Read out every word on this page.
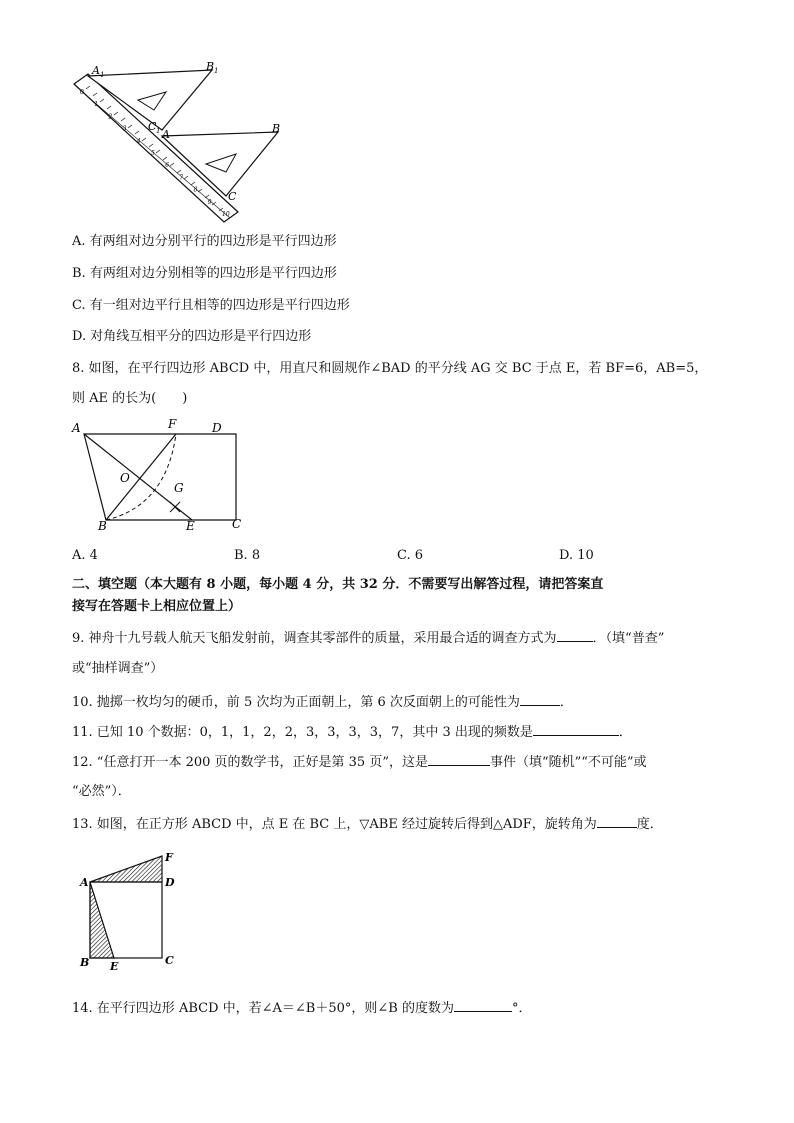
A 1
B 1
C 1 A	B
C
0
1
2
3
4
5
6
7
8
9
10
A. 有两组对边分别平行的四边形是平行四边形
B. 有两组对边分别相等的四边形是平行四边形
C. 有一组对边平行且相等的四边形是平行四边形
D. 对角线互相平分的四边形是平行四边形
8. 如图，在平行四边形 ABCD 中，用直尺和圆规作∠BAD 的平分线 AG 交 BC 于点 E，若 BF=6，AB=5，
则 AE 的长为(　　)
A	F	D
O
G
B	E	C
A. 4	B. 8	C. 6	D. 10
二、填空题（本大题有 8 小题，每小题 4 分，共 32 分．不需要写出解答过程，请把答案直
接写在答题卡上相应位置上）
9. 神舟十九号载人航天飞船发射前，调查其零部件的质量，采用最合适的调查方式为	．（填“普查”
或“抽样调查”）
10. 抛掷一枚均匀的硬币，前 5 次均为正面朝上，第 6 次反面朝上的可能性为	．
11. 已知 10 个数据：0，1，1，2，2，3，3，3，3，7，其中 3 出现的频数是	．
12. “任意打开一本 200 页的数学书，正好是第 35 页”，这是	事件（填“随机”“不可能”或
“必然”）．
13. 如图，在正方形 ABCD 中，点 E 在 BC 上，▽ABE 经过旋转后得到△ADF，旋转角为	度．
A	D
F
B E	C
14. 在平行四边形 ABCD 中，若∠A＝∠B＋50°，则∠B 的度数为	°．
